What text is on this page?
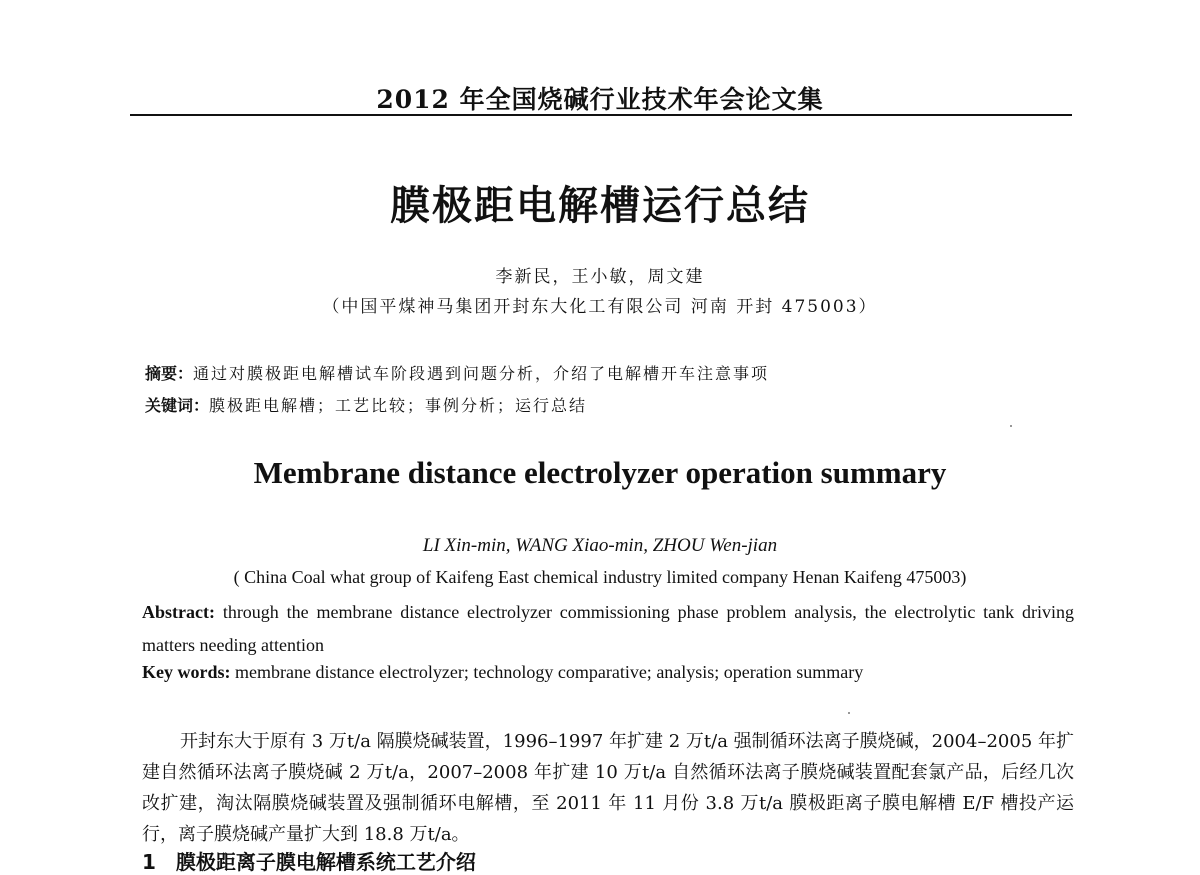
2012 年全国烧碱行业技术年会论文集
膜极距电解槽运行总结
李新民，王小敏，周文建
（中国平煤神马集团开封东大化工有限公司 河南 开封 475003）
摘要：通过对膜极距电解槽试车阶段遇到问题分析，介绍了电解槽开车注意事项
关键词：膜极距电解槽；工艺比较；事例分析；运行总结
Membrane distance electrolyzer operation summary
LI Xin-min, WANG Xiao-min, ZHOU Wen-jian
( China Coal what group of Kaifeng East chemical industry limited company Henan Kaifeng 475003)
Abstract: through the membrane distance electrolyzer commissioning phase problem analysis, the electrolytic tank driving matters needing attention
Key words: membrane distance electrolyzer; technology comparative; analysis; operation summary
开封东大于原有 3 万t/a 隔膜烧碱装置，1996–1997 年扩建 2 万t/a 强制循环法离子膜烧碱，2004–2005 年扩建自然循环法离子膜烧碱 2 万t/a，2007–2008 年扩建 10 万t/a 自然循环法离子膜烧碱装置配套氯产品，后经几次改扩建，淘汰隔膜烧碱装置及强制循环电解槽，至 2011 年 11 月份 3.8 万t/a 膜极距离子膜电解槽 E/F 槽投产运行，离子膜烧碱产量扩大到 18.8 万t/a。
1　膜极距离子膜电解槽系统工艺介绍
